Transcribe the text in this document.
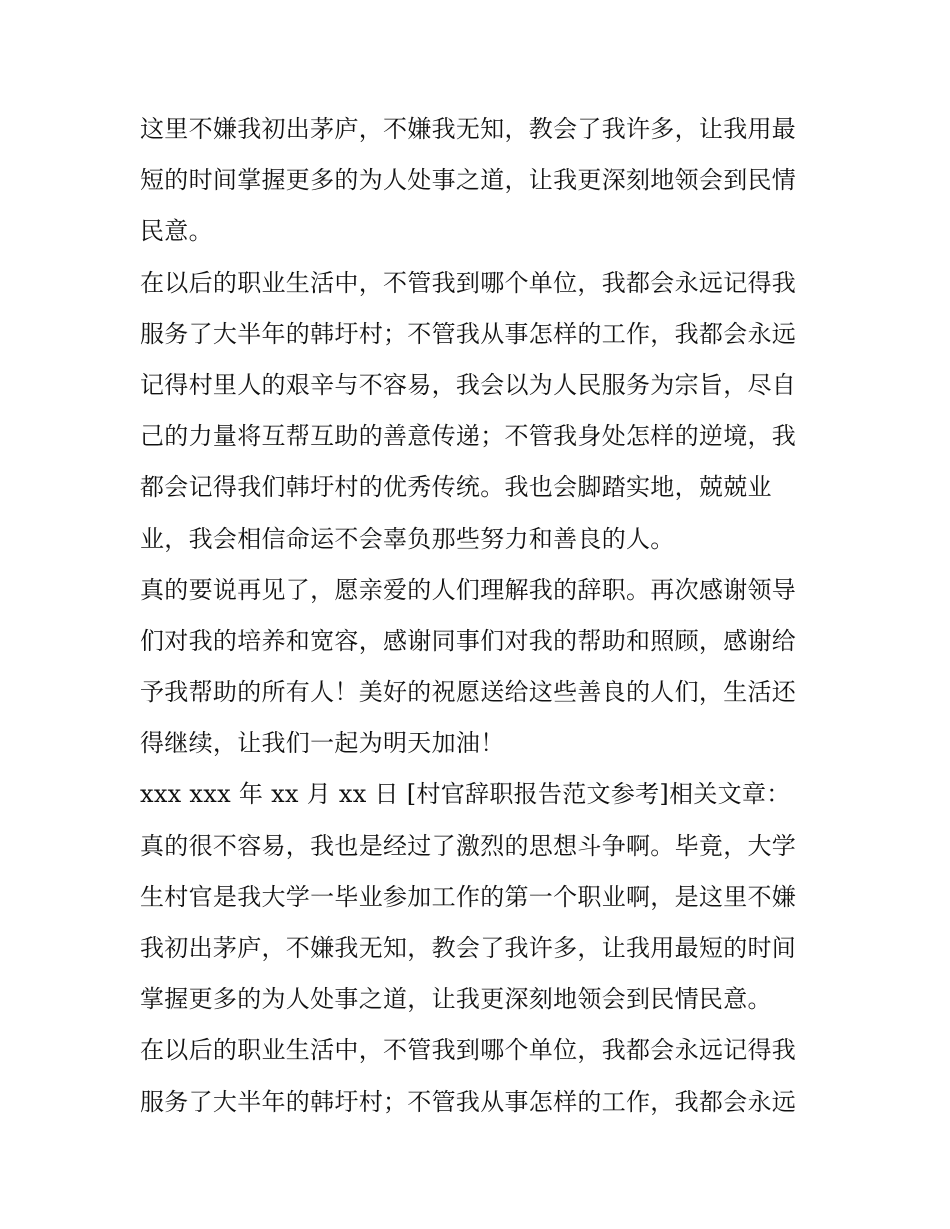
这里不嫌我初出茅庐，不嫌我无知，教会了我许多，让我用最
短的时间掌握更多的为人处事之道，让我更深刻地领会到民情
民意。
在以后的职业生活中，不管我到哪个单位，我都会永远记得我
服务了大半年的韩圩村；不管我从事怎样的工作，我都会永远
记得村里人的艰辛与不容易，我会以为人民服务为宗旨，尽自
己的力量将互帮互助的善意传递；不管我身处怎样的逆境，我
都会记得我们韩圩村的优秀传统。我也会脚踏实地，兢兢业
业，我会相信命运不会辜负那些努力和善良的人。
真的要说再见了，愿亲爱的人们理解我的辞职。再次感谢领导
们对我的培养和宽容，感谢同事们对我的帮助和照顾，感谢给
予我帮助的所有人！美好的祝愿送给这些善良的人们，生活还
得继续，让我们一起为明天加油！
xxx xxx 年 xx 月 xx 日 [村官辞职报告范文参考]相关文章：
真的很不容易，我也是经过了激烈的思想斗争啊。毕竟，大学
生村官是我大学一毕业参加工作的第一个职业啊，是这里不嫌
我初出茅庐，不嫌我无知，教会了我许多，让我用最短的时间
掌握更多的为人处事之道，让我更深刻地领会到民情民意。
在以后的职业生活中，不管我到哪个单位，我都会永远记得我
服务了大半年的韩圩村；不管我从事怎样的工作，我都会永远
